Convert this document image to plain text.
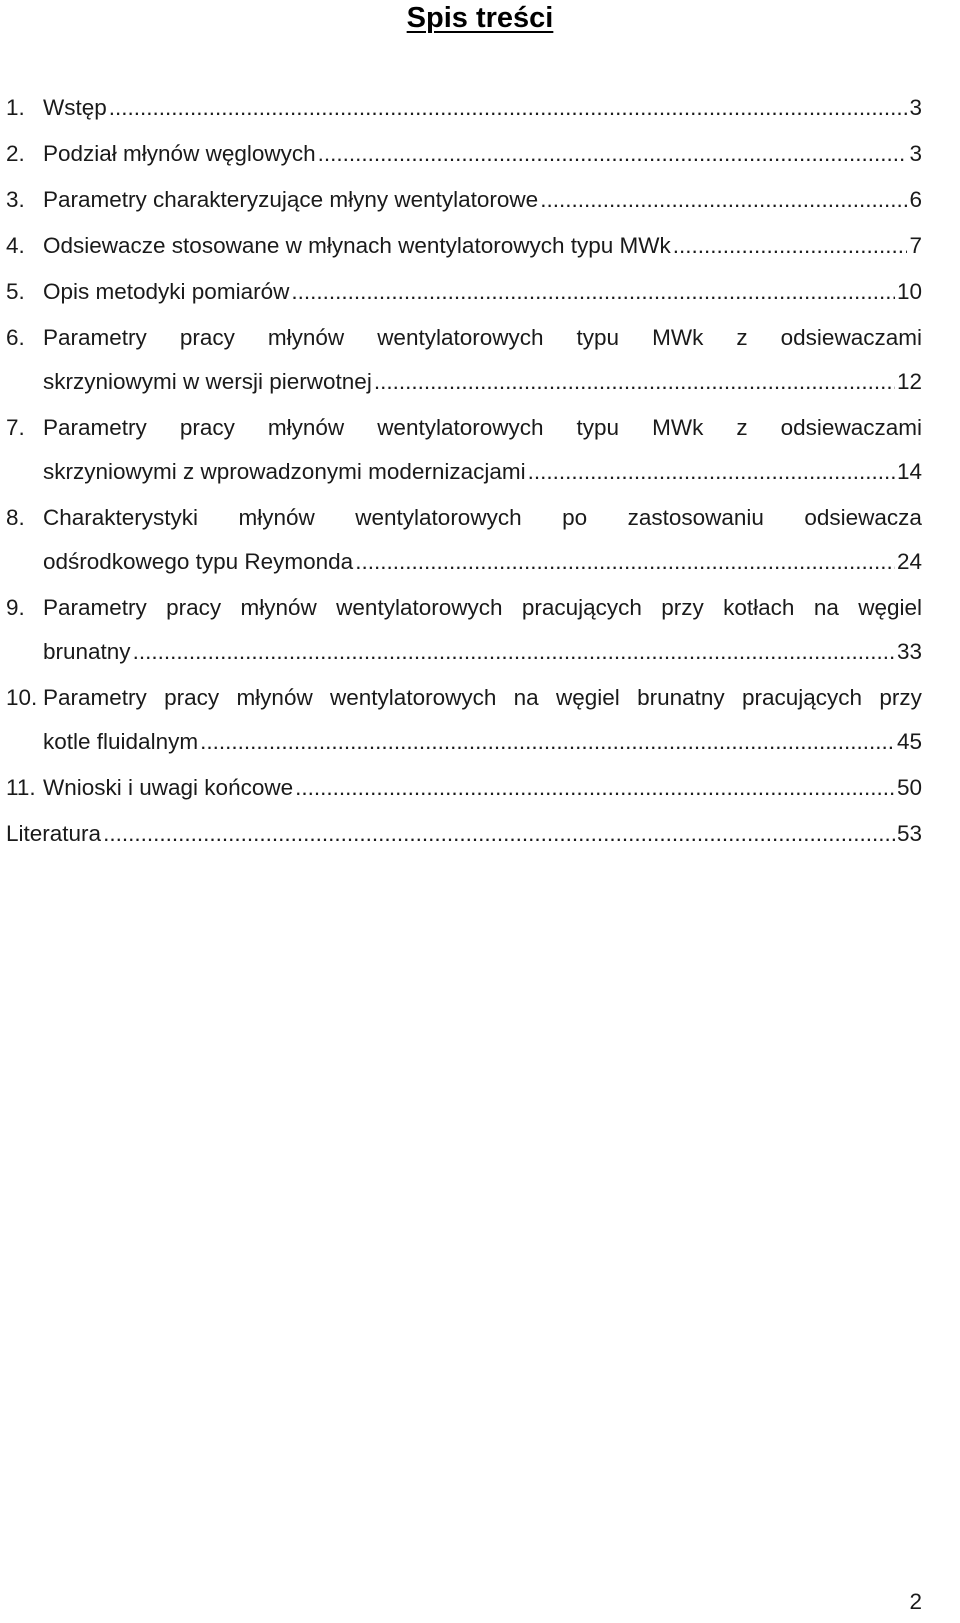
Spis treści
1. Wstęp .....	3
2. Podział młynów węglowych .....	3
3. Parametry charakteryzujące młyny wentylatorowe .....	6
4. Odsiewacze stosowane w młynach wentylatorowych typu MWk .....	7
5. Opis metodyki pomiarów .....	10
6. Parametry pracy młynów wentylatorowych typu MWk z odsiewaczami
skrzyniowymi w wersji pierwotnej .....	12
7. Parametry pracy młynów wentylatorowych typu MWk z odsiewaczami
skrzyniowymi z wprowadzonymi modernizacjami .....	14
8. Charakterystyki młynów wentylatorowych po zastosowaniu odsiewacza
odśrodkowego typu Reymonda .....	24
9. Parametry pracy młynów wentylatorowych pracujących przy kotłach na węgiel
brunatny .....	33
10. Parametry pracy młynów wentylatorowych na węgiel brunatny pracujących przy
kotle fluidalnym .....	45
11. Wnioski i uwagi końcowe .....	50
Literatura .....	53
2
